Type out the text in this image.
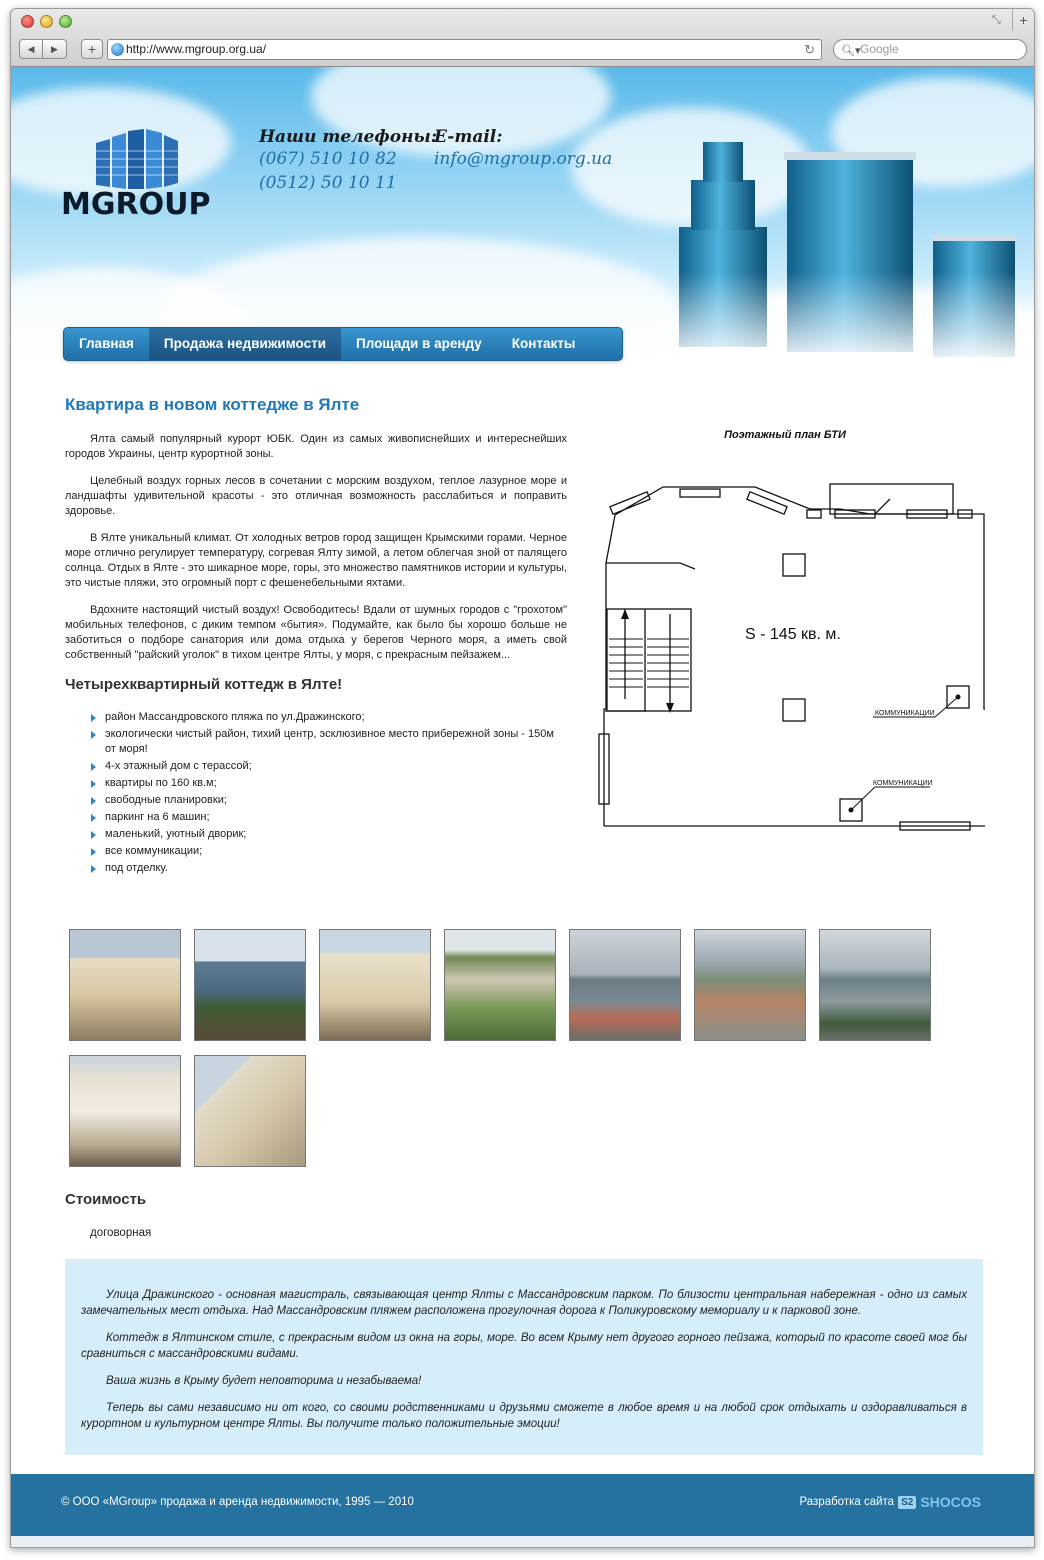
⤡	+
◀	▶	+	http://www.mgroup.org.ua/	↻ 🔍︎▾ Google
MGROUP
Наши телефоны:
(067) 510 10 82
(0512) 50 10 11
E-mail:
info@mgroup.org.ua
Главная	Продажа недвижимости	Площади в аренду	Контакты
Квартира в новом коттедже в Ялте

Ялта самый популярный курорт ЮБК. Один из самых живописнейших и интереснейших городов Украины, центр курортной зоны.

Целебный воздух горных лесов в сочетании с морским воздухом, теплое лазурное море и ландшафты удивительной красоты - это отличная возможность расслабиться и поправить здоровье.

В Ялте уникальный климат. От холодных ветров город защищен Крымскими горами. Черное море отлично регулирует температуру, согревая Ялту зимой, а летом облегчая зной от палящего солнца. Отдых в Ялте - это шикарное море, горы, это множество памятников истории и культуры, это чистые пляжи, это огромный порт с фешенебельными яхтами.

Вдохните настоящий чистый воздух! Освободитесь! Вдали от шумных городов с "грохотом" мобильных телефонов, с диким темпом «бытия». Подумайте, как было бы хорошо больше не заботиться о подборе санатория или дома отдыха у берегов Черного моря, а иметь свой собственный "райский уголок" в тихом центре Ялты, у моря, с прекрасным пейзажем...

Четырехквартирный коттедж в Ялте!
район Массандровского пляжа по ул.Дражинского;
экологически чистый район, тихий центр, эсклюзивное место прибережной зоны - 150м от моря!
4-х этажный дом с терассой;
квартиры по 160 кв.м;
свободные планировки;
паркинг на 6 машин;
маленький, уютный дворик;
все коммуникации;
под отделку.
Поэтажный план БТИ
S - 145 кв. м.
КОММУНИКАЦИИ
КОММУНИКАЦИИ
Стоимость
договорная

Улица Дражинского - основная магистраль, связывающая центр Ялты с Массандровским парком. По близости центральная набережная - одно из самых замечательных мест отдыха. Над Массандровским пляжем расположена прогулочная дорога к Поликуровскому мемориалу и к парковой зоне.

Коттедж в Ялтинском стиле, с прекрасным видом из окна на горы, море. Во всем Крыму нет другого горного пейзажа, который по красоте своей мог бы сравниться с массандровскими видами.

Ваша жизнь в Крыму будет неповторима и незабываема!

Теперь вы сами независимо ни от кого, со своими родственниками и друзьями сможете в любое время и на любой срок отдыхать и оздоравливаться в курортном и культурном центре Ялты. Вы получите только положительные эмоции!

© ООО «MGroup» продажа и аренда недвижимости, 1995 — 2010	Разработка сайта S2 SHOCOS
